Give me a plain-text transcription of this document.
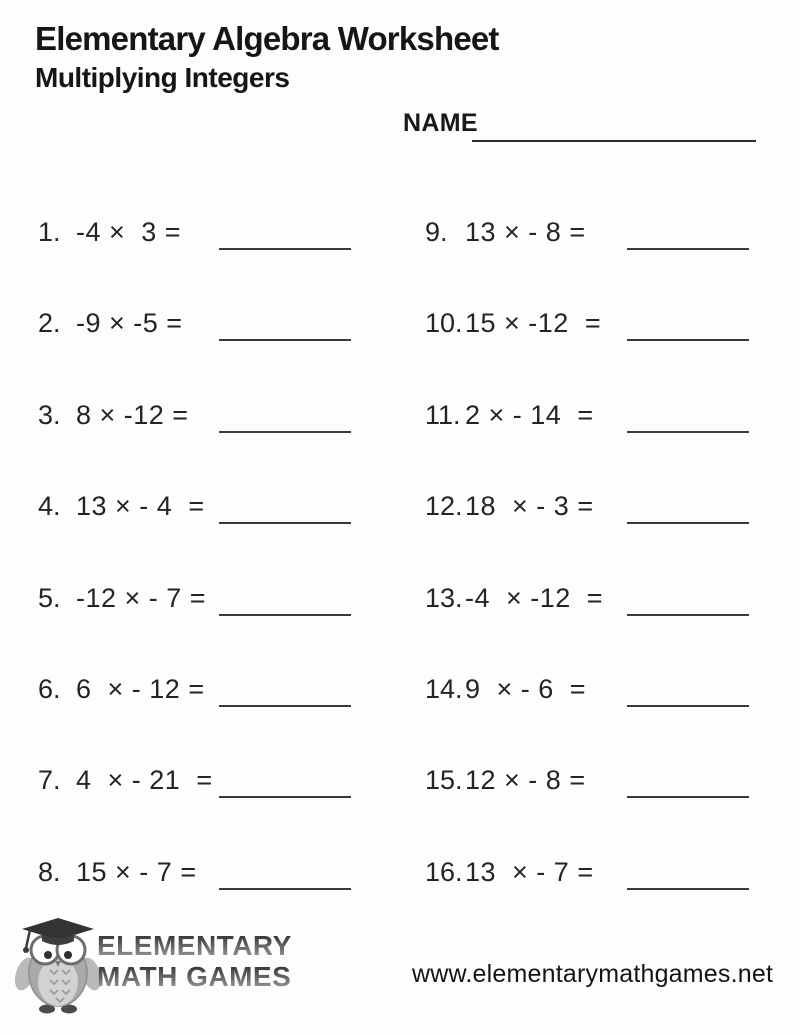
Elementary Algebra Worksheet
Multiplying Integers
NAME
1. -4 ×  3 =
2. -9 × -5 =
3. 8 × -12 =
4. 13 × - 4  =
5. -12 × - 7 =
6. 6  × - 12 =
7. 4  × - 21  =
8. 15 × - 7 =
9. 13 × - 8 =
10. 15 × -12  =
11. 2 × - 14  =
12. 18  × - 3 =
13. -4  × -12  =
14. 9  × - 6  =
15. 12 × - 8 =
16. 13  × - 7 =
ELEMENTARY
MATH GAMES	www.elementarymathgames.net
